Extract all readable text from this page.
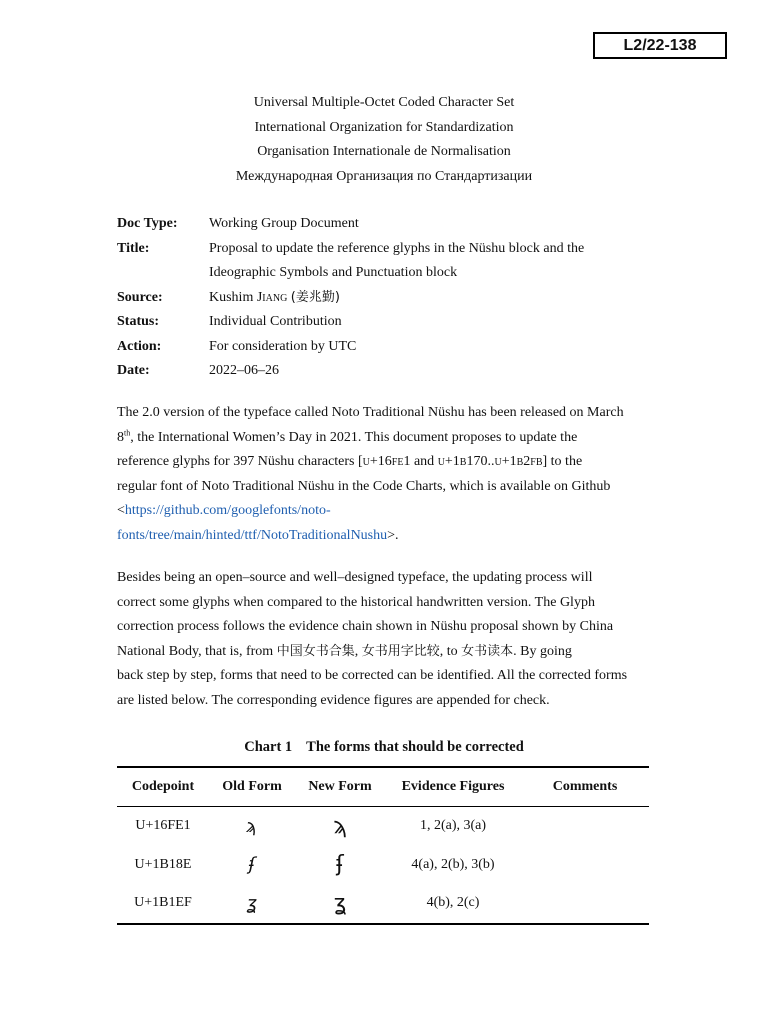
L2/22-138
Universal Multiple-Octet Coded Character Set
International Organization for Standardization
Organisation Internationale de Normalisation
Международная Организация по Стандартизации
Doc Type:	Working Group Document
Title:	Proposal to update the reference glyphs in the Nüshu block and the
Ideographic Symbols and Punctuation block
Source:	Kushim Jiang (姜兆勤)
Status:	Individual Contribution
Action:	For consideration by UTC
Date:	2022–06–26

The 2.0 version of the typeface called Noto Traditional Nüshu has been released on March
8th, the International Women’s Day in 2021. This document proposes to update the
reference glyphs for 397 Nüshu characters [u+16fe1 and u+1b170..u+1b2fb] to the
regular font of Noto Traditional Nüshu in the Code Charts, which is available on Github
<https://github.com/googlefonts/noto-
fonts/tree/main/hinted/ttf/NotoTraditionalNushu>.

Besides being an open–source and well–designed typeface, the updating process will
correct some glyphs when compared to the historical handwritten version. The Glyph
correction process follows the evidence chain shown in Nüshu proposal shown by China
National Body, that is, from 中国女书合集, 女书用字比较, to 女书读本. By going
back step by step, forms that need to be corrected can be identified. All the corrected forms
are listed below. The corresponding evidence figures are appended for check.

Chart 1 The forms that should be corrected
Codepoint	Old Form	New Form	Evidence Figures	Comments
U+16FE1	ϡ	ϡ	1, 2(a), 3(a)	
U+1B18E	ʄ	ʄ	4(a), 2(b), 3(b)	
U+1B1EF	ʓ	ʓ	4(b), 2(c)	
